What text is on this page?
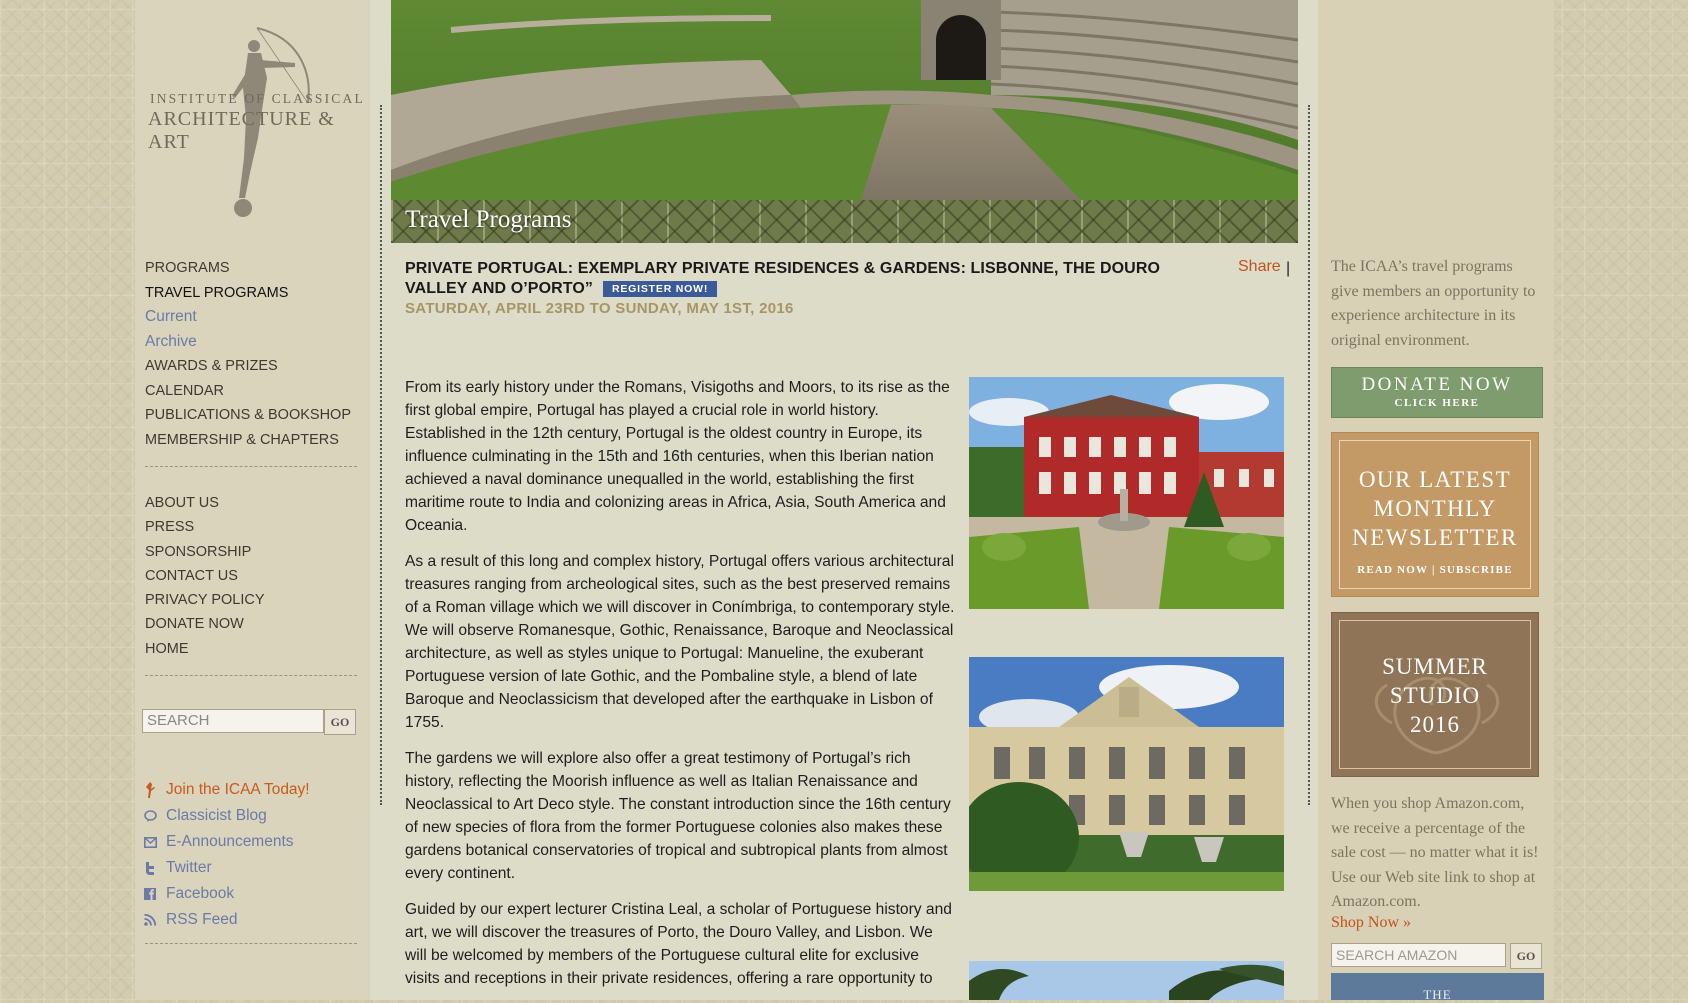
INSTITUTE OF CLASSICAL
ARCHITECTURE & ART
PROGRAMS
TRAVEL PROGRAMS
Current
Archive
AWARDS & PRIZES
CALENDAR
PUBLICATIONS & BOOKSHOP
MEMBERSHIP & CHAPTERS
ABOUT US
PRESS
SPONSORSHIP
CONTACT US
PRIVACY POLICY
DONATE NOW
HOME
SEARCH	GO
Join the ICAA Today!
Classicist Blog
E-Announcements
Twitter
Facebook
RSS Feed
Travel Programs
PRIVATE PORTUGAL: EXEMPLARY PRIVATE RESIDENCES & GARDENS: LISBONNE, THE DOURO VALLEY AND O’PORTO” REGISTER NOW!
Share |
SATURDAY, APRIL 23RD TO SUNDAY, MAY 1ST, 2016

From its early history under the Romans, Visigoths and Moors, to its rise as the first global empire, Portugal has played a crucial role in world history. Established in the 12th century, Portugal is the oldest country in Europe, its influence culminating in the 15th and 16th centuries, when this Iberian nation achieved a naval dominance unequalled in the world, establishing the first maritime route to India and colonizing areas in Africa, Asia, South America and Oceania.

As a result of this long and complex history, Portugal offers various architectural treasures ranging from archeological sites, such as the best preserved remains of a Roman village which we will discover in Conímbriga, to contemporary style. We will observe Romanesque, Gothic, Renaissance, Baroque and Neoclassical architecture, as well as styles unique to Portugal: Manueline, the exuberant Portuguese version of late Gothic, and the Pombaline style, a blend of late Baroque and Neoclassicism that developed after the earthquake in Lisbon of 1755.

The gardens we will explore also offer a great testimony of Portugal’s rich history, reflecting the Moorish influence as well as Italian Renaissance and Neoclassical to Art Deco style. The constant introduction since the 16th century of new species of flora from the former Portuguese colonies also makes these gardens botanical conservatories of tropical and subtropical plants from almost every continent.

Guided by our expert lecturer Cristina Leal, a scholar of Portuguese history and art, we will discover the treasures of Porto, the Douro Valley, and Lisbon. We will be welcomed by members of the Portuguese cultural elite for exclusive visits and receptions in their private residences, offering a rare opportunity to

The ICAA’s travel programs give members an opportunity to experience architecture in its original environment.
DONATE NOW
CLICK HERE
OUR LATEST MONTHLY NEWSLETTER
READ NOW | SUBSCRIBE
SUMMER
STUDIO
2016
When you shop Amazon.com, we receive a percentage of the sale cost — no matter what it is! Use our Web site link to shop at Amazon.com.
Shop Now »
SEARCH AMAZON	GO
THE
